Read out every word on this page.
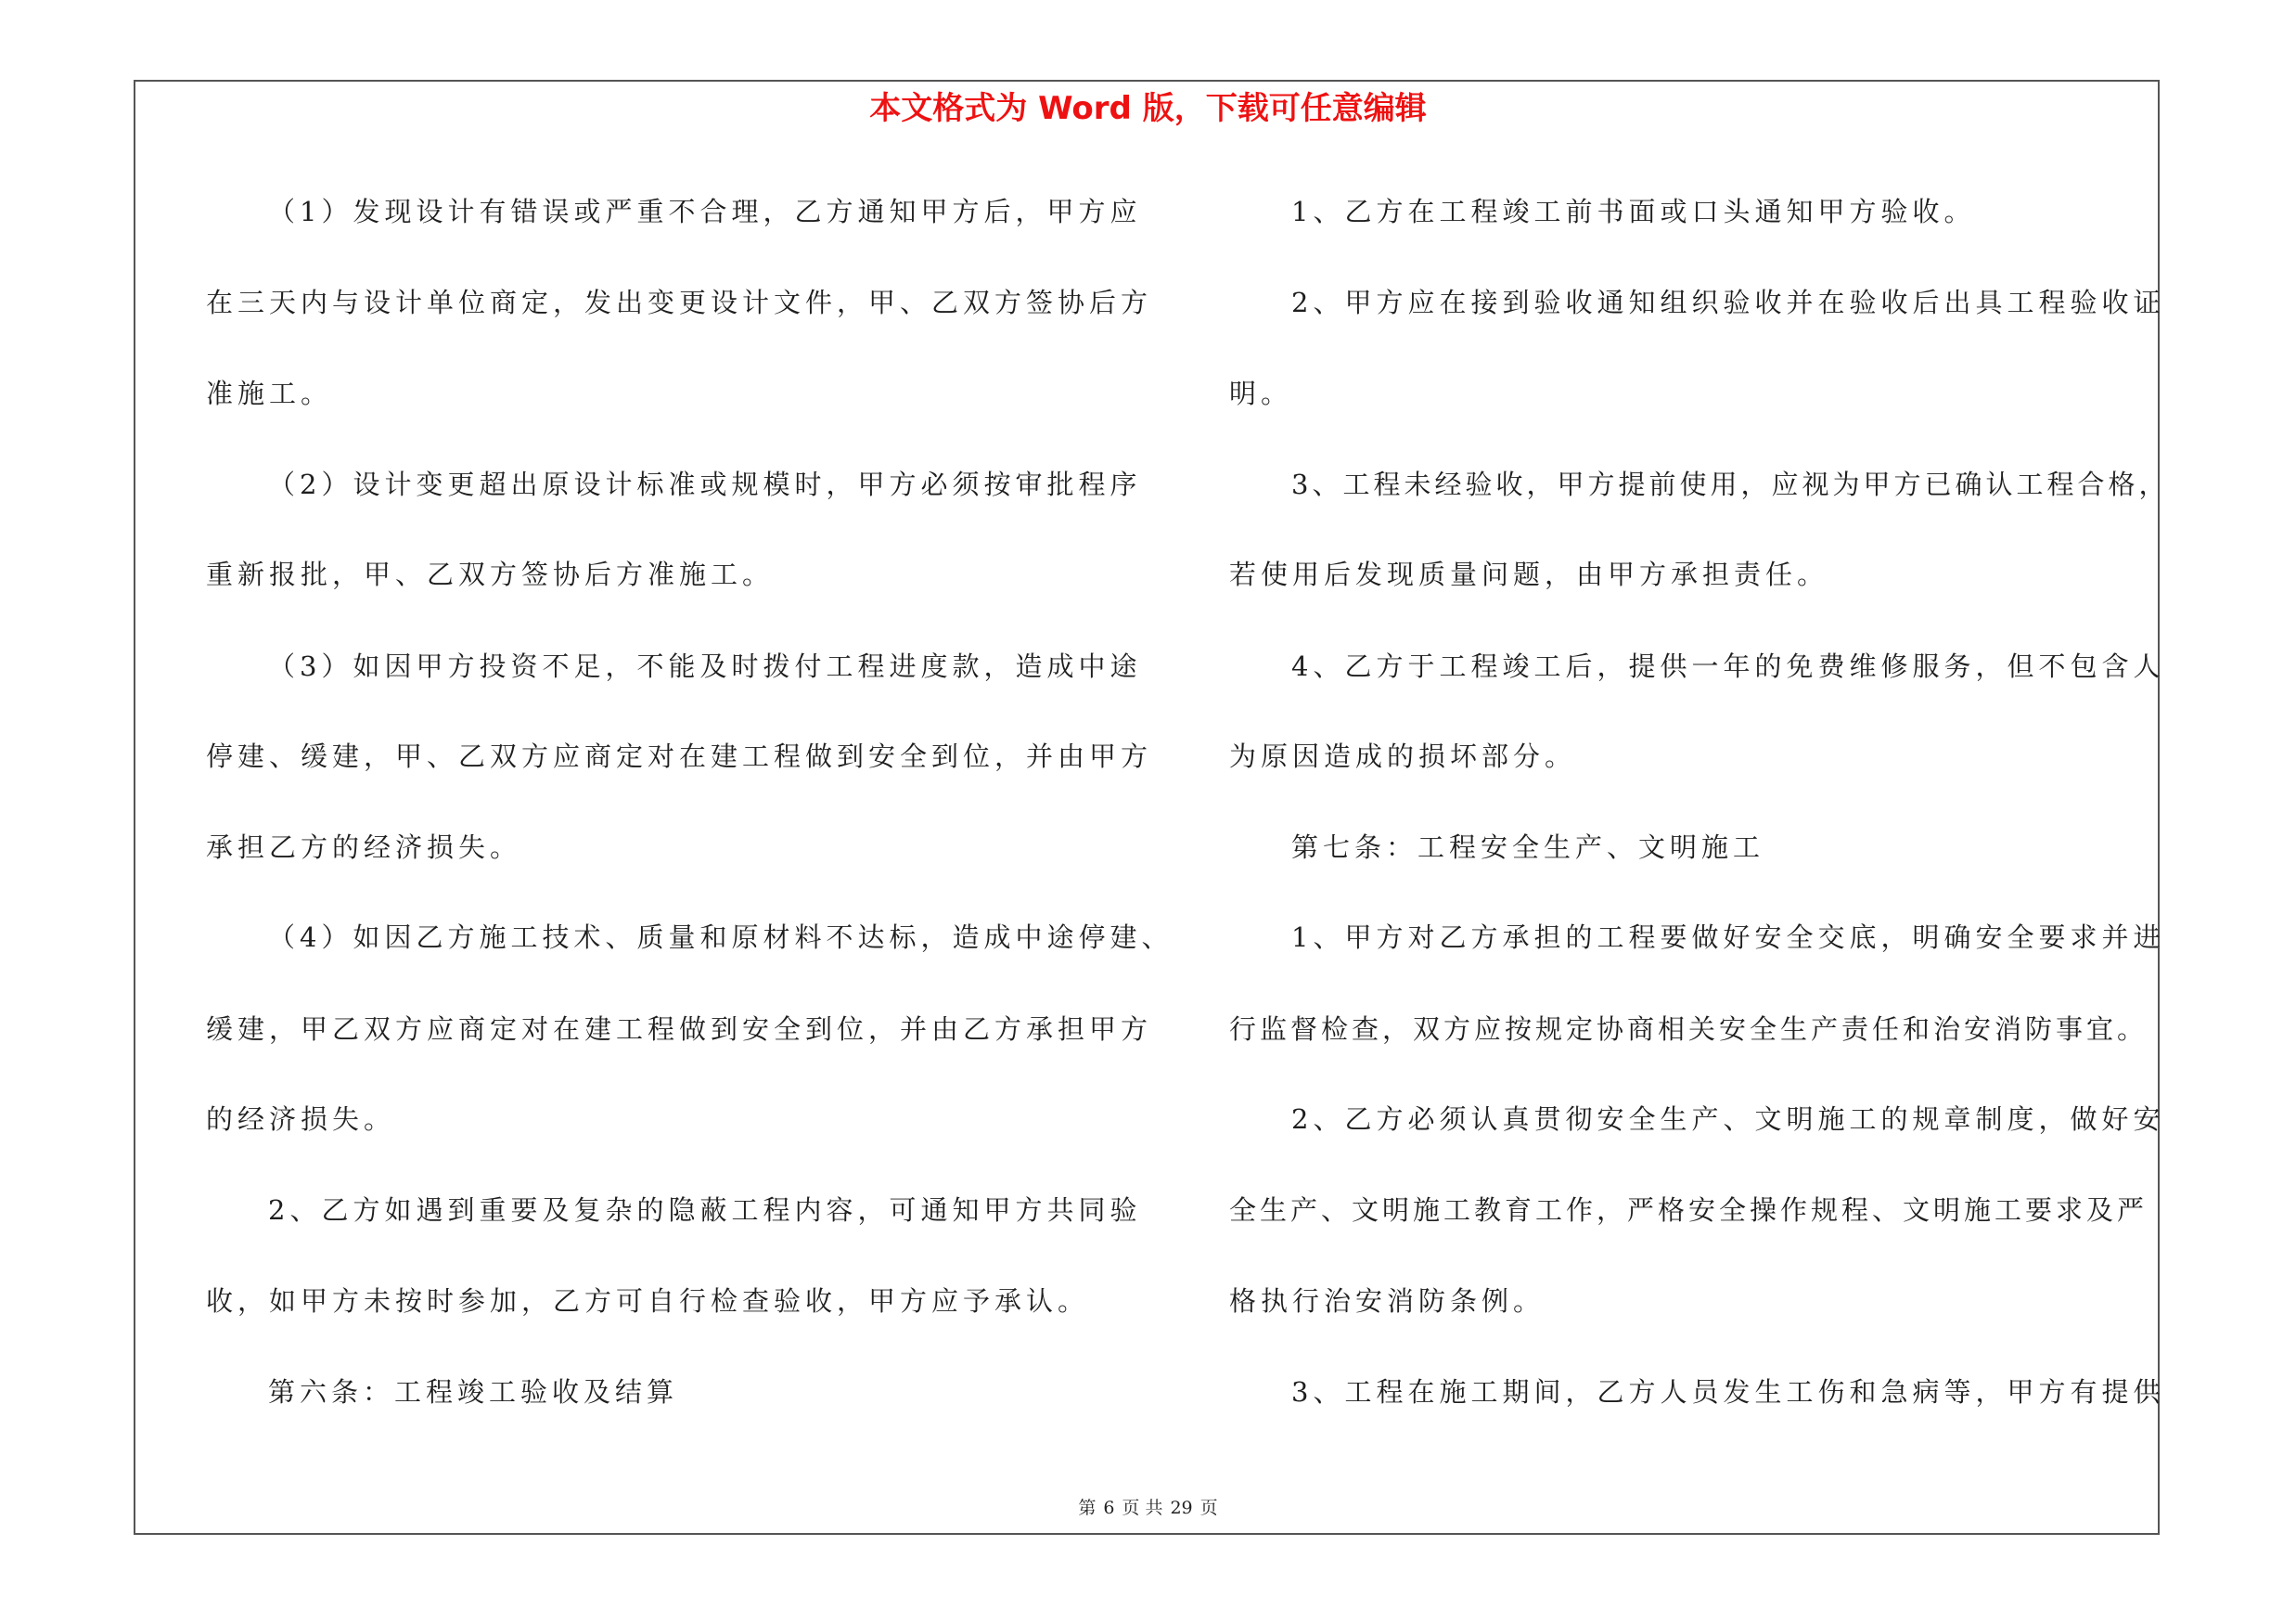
本文格式为 Word 版，下载可任意编辑
（1）发现设计有错误或严重不合理，乙方通知甲方后，甲方应
在三天内与设计单位商定，发出变更设计文件，甲、乙双方签协后方
准施工。
（2）设计变更超出原设计标准或规模时，甲方必须按审批程序
重新报批，甲、乙双方签协后方准施工。
（3）如因甲方投资不足，不能及时拨付工程进度款，造成中途
停建、缓建，甲、乙双方应商定对在建工程做到安全到位，并由甲方
承担乙方的经济损失。
（4）如因乙方施工技术、质量和原材料不达标，造成中途停建、
缓建，甲乙双方应商定对在建工程做到安全到位，并由乙方承担甲方
的经济损失。
2、乙方如遇到重要及复杂的隐蔽工程内容，可通知甲方共同验
收，如甲方未按时参加，乙方可自行检查验收，甲方应予承认。
第六条：工程竣工验收及结算
1、乙方在工程竣工前书面或口头通知甲方验收。
2、甲方应在接到验收通知组织验收并在验收后出具工程验收证
明。
3、工程未经验收，甲方提前使用，应视为甲方已确认工程合格，
若使用后发现质量问题，由甲方承担责任。
4、乙方于工程竣工后，提供一年的免费维修服务，但不包含人
为原因造成的损坏部分。
第七条：工程安全生产、文明施工
1、甲方对乙方承担的工程要做好安全交底，明确安全要求并进
行监督检查，双方应按规定协商相关安全生产责任和治安消防事宜。
2、乙方必须认真贯彻安全生产、文明施工的规章制度，做好安
全生产、文明施工教育工作，严格安全操作规程、文明施工要求及严
格执行治安消防条例。
3、工程在施工期间，乙方人员发生工伤和急病等，甲方有提供
第 6 页 共 29 页
